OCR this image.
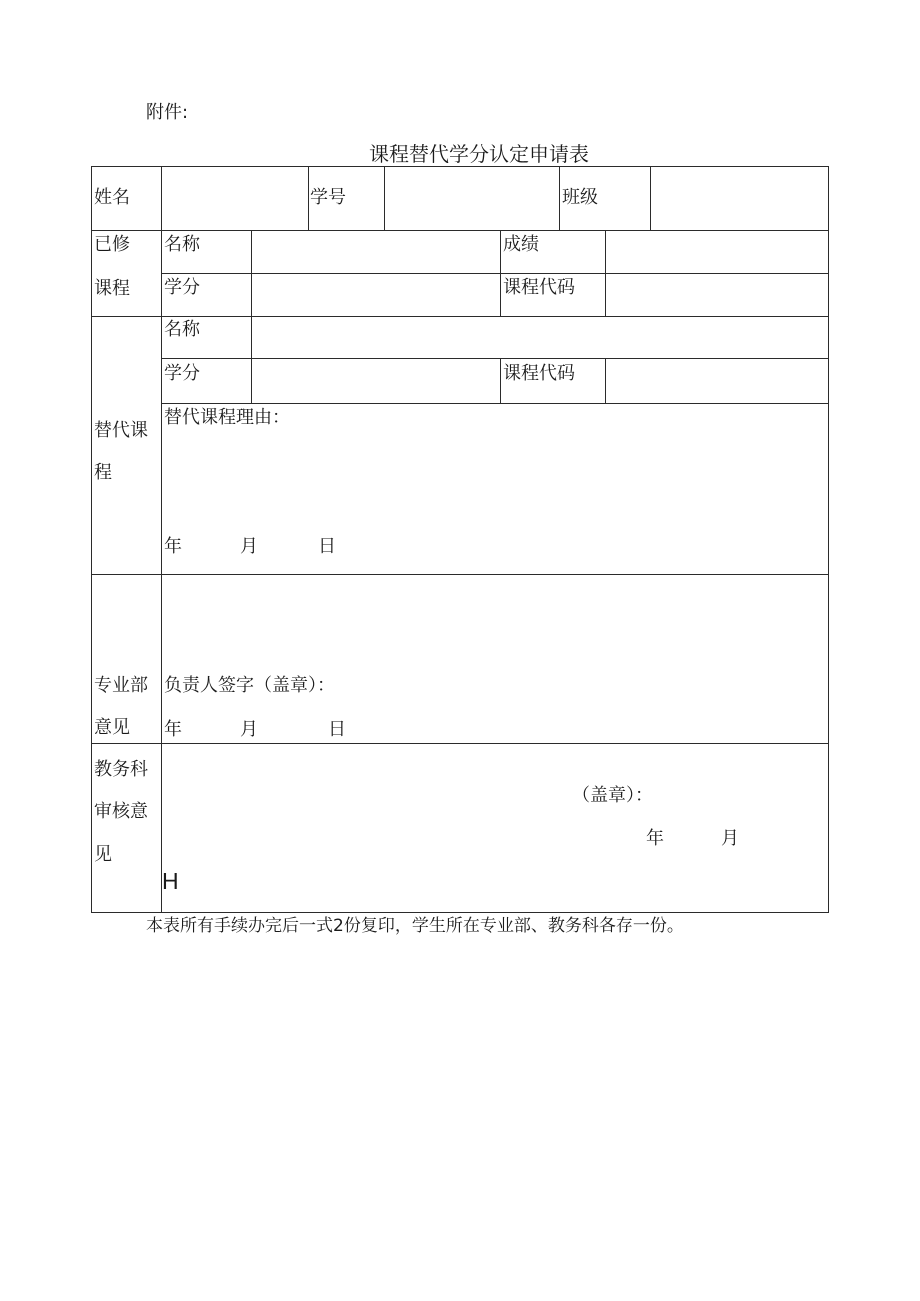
附件:
课程替代学分认定申请表
姓名	学号	班级
已修
课程
名称	成绩
学分	课程代码
替代课
程
名称
学分	课程代码
替代课程理由：
年	月	日
专业部
意见
负责人签字（盖章）：
年	月	日
教务科
审核意
见
（盖章）：
年	月
H
本表所有手续办完后一式2份复印，学生所在专业部、教务科各存一份。
